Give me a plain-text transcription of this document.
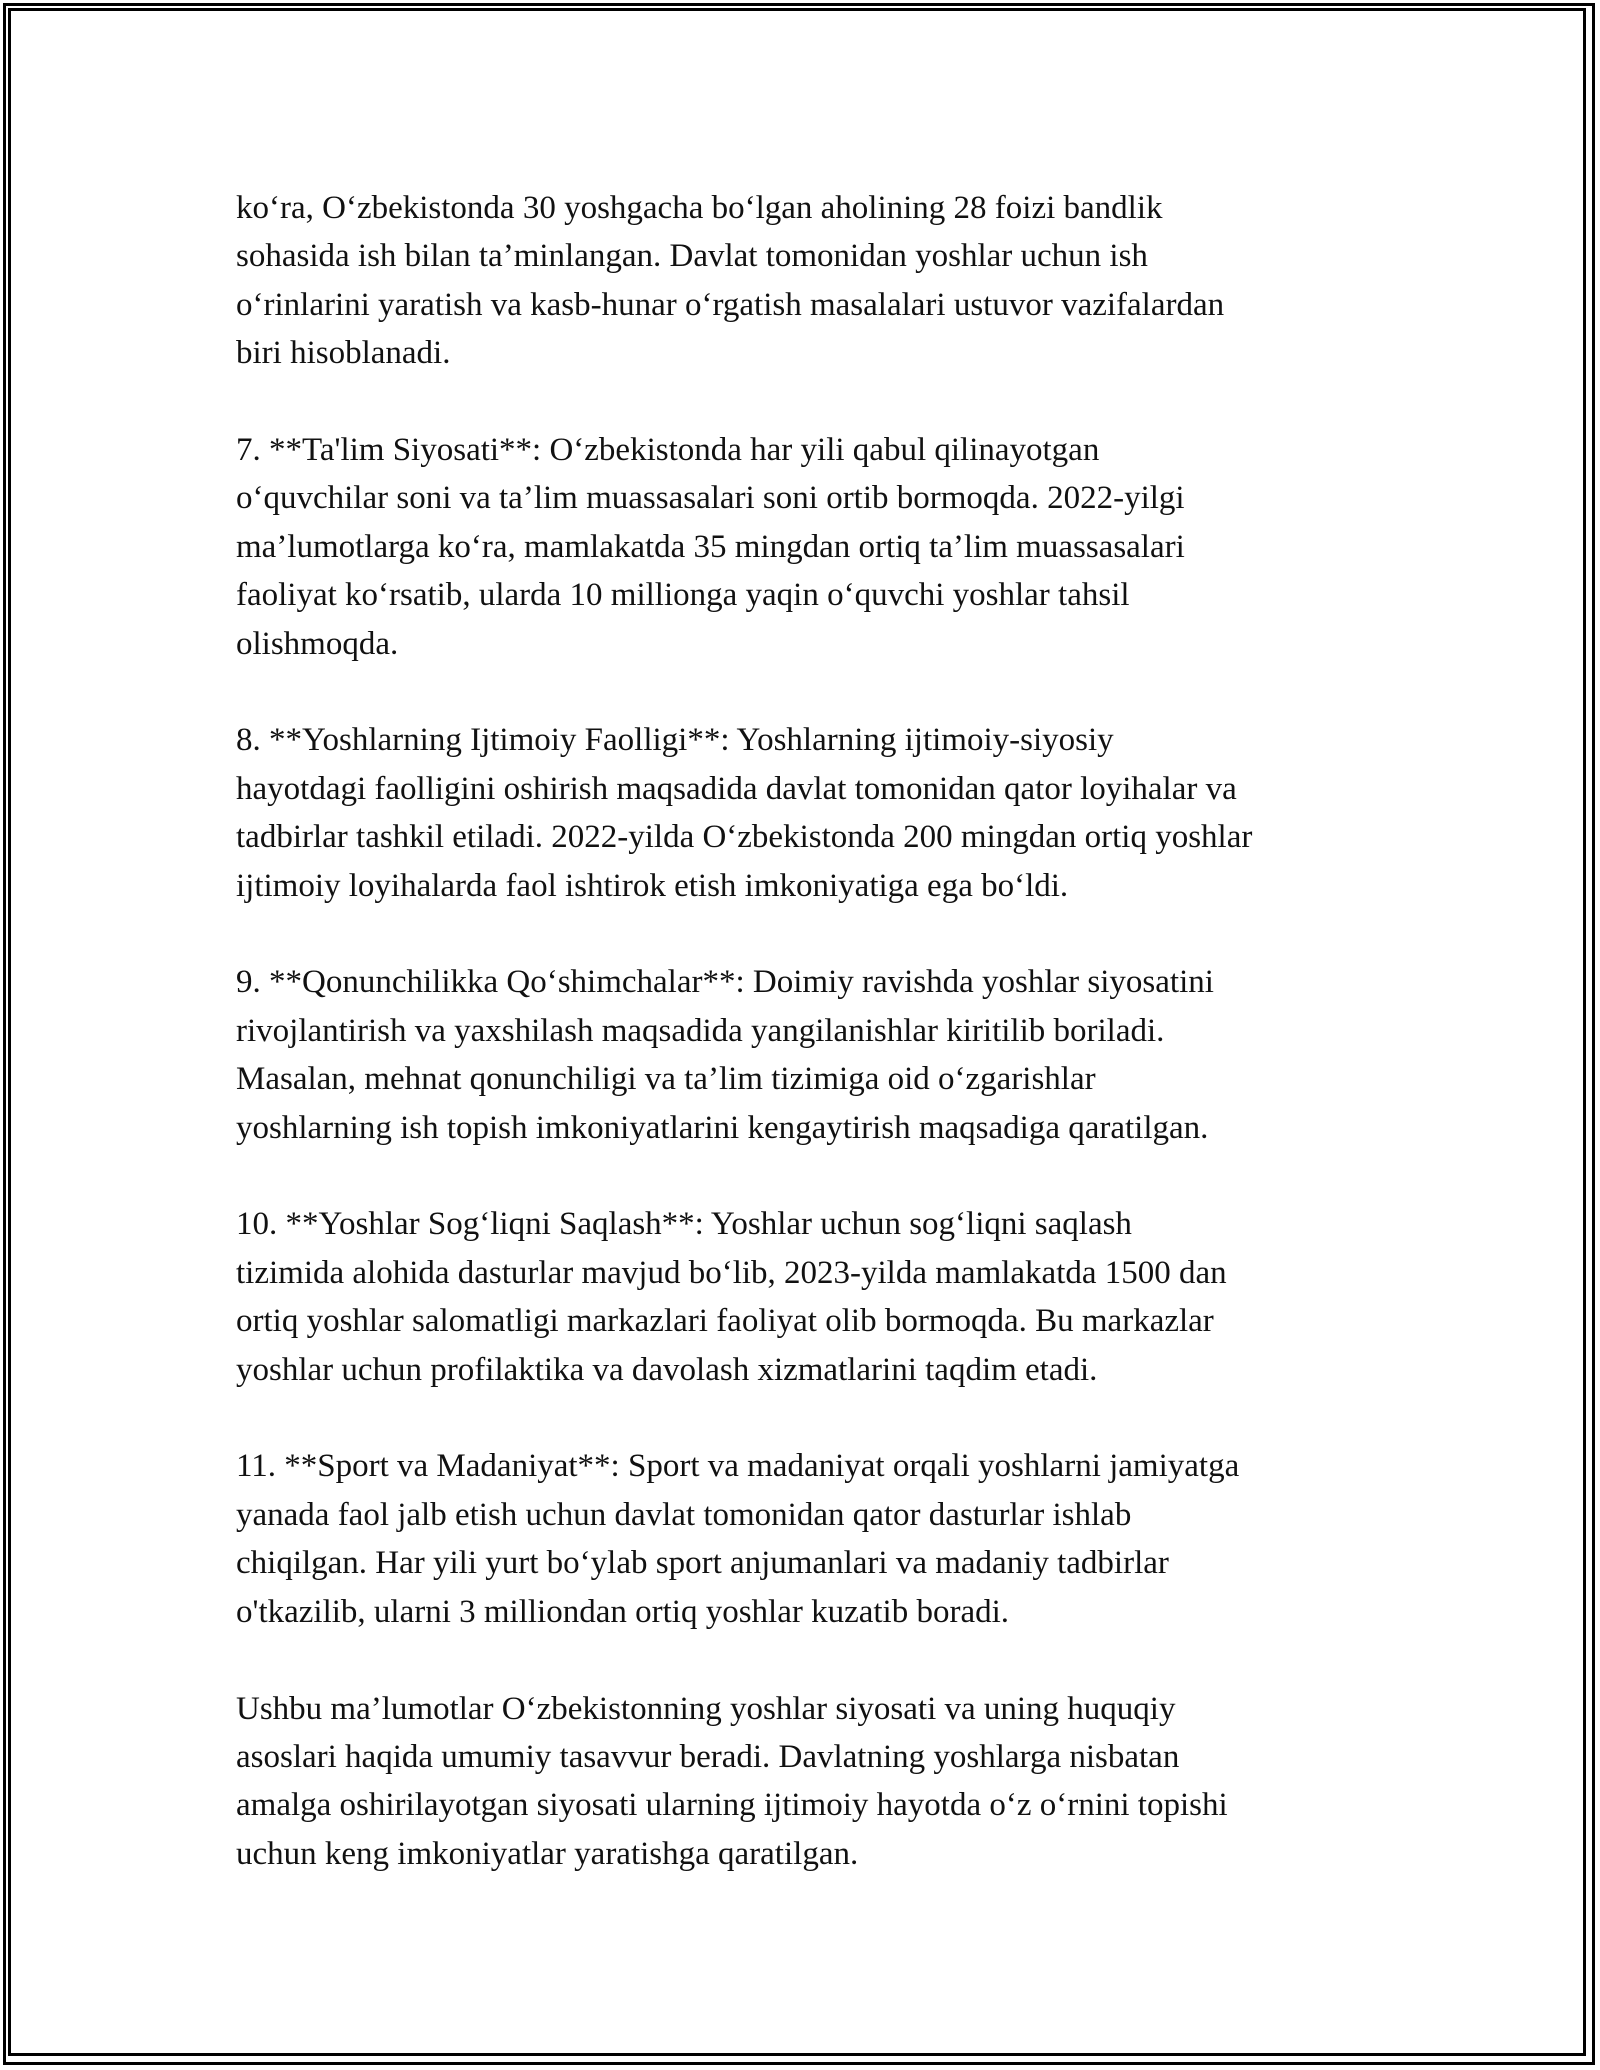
ko‘ra, O‘zbekistonda 30 yoshgacha bo‘lgan aholining 28 foizi bandlik
sohasida ish bilan ta’minlangan. Davlat tomonidan yoshlar uchun ish
o‘rinlarini yaratish va kasb-hunar o‘rgatish masalalari ustuvor vazifalardan
biri hisoblanadi.

7. **Ta'lim Siyosati**: O‘zbekistonda har yili qabul qilinayotgan
o‘quvchilar soni va ta’lim muassasalari soni ortib bormoqda. 2022-yilgi
ma’lumotlarga ko‘ra, mamlakatda 35 mingdan ortiq ta’lim muassasalari
faoliyat ko‘rsatib, ularda 10 millionga yaqin o‘quvchi yoshlar tahsil
olishmoqda.

8. **Yoshlarning Ijtimoiy Faolligi**: Yoshlarning ijtimoiy-siyosiy
hayotdagi faolligini oshirish maqsadida davlat tomonidan qator loyihalar va
tadbirlar tashkil etiladi. 2022-yilda O‘zbekistonda 200 mingdan ortiq yoshlar
ijtimoiy loyihalarda faol ishtirok etish imkoniyatiga ega bo‘ldi.

9. **Qonunchilikka Qo‘shimchalar**: Doimiy ravishda yoshlar siyosatini
rivojlantirish va yaxshilash maqsadida yangilanishlar kiritilib boriladi.
Masalan, mehnat qonunchiligi va ta’lim tizimiga oid o‘zgarishlar
yoshlarning ish topish imkoniyatlarini kengaytirish maqsadiga qaratilgan.

10. **Yoshlar Sog‘liqni Saqlash**: Yoshlar uchun sog‘liqni saqlash
tizimida alohida dasturlar mavjud bo‘lib, 2023-yilda mamlakatda 1500 dan
ortiq yoshlar salomatligi markazlari faoliyat olib bormoqda. Bu markazlar
yoshlar uchun profilaktika va davolash xizmatlarini taqdim etadi.

11. **Sport va Madaniyat**: Sport va madaniyat orqali yoshlarni jamiyatga
yanada faol jalb etish uchun davlat tomonidan qator dasturlar ishlab
chiqilgan. Har yili yurt bo‘ylab sport anjumanlari va madaniy tadbirlar
o'tkazilib, ularni 3 milliondan ortiq yoshlar kuzatib boradi.

Ushbu ma’lumotlar O‘zbekistonning yoshlar siyosati va uning huquqiy
asoslari haqida umumiy tasavvur beradi. Davlatning yoshlarga nisbatan
amalga oshirilayotgan siyosati ularning ijtimoiy hayotda o‘z o‘rnini topishi
uchun keng imkoniyatlar yaratishga qaratilgan.
